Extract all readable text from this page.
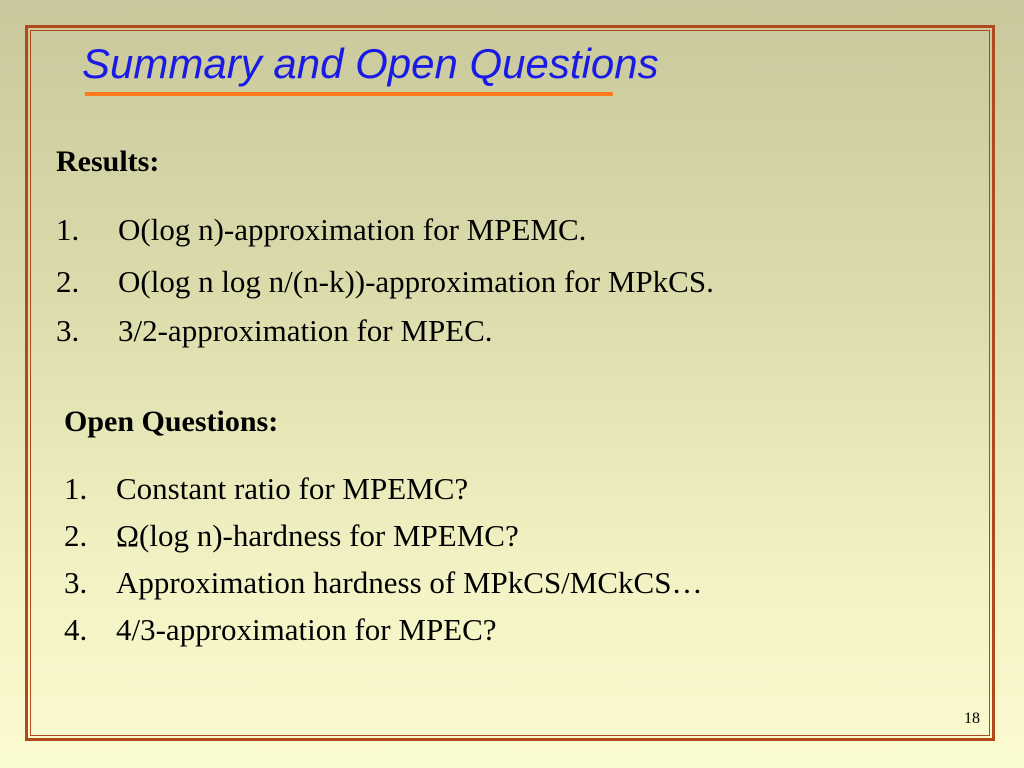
Summary and Open Questions
Results:
1. O(log n)-approximation for MPEMC.
2. O(log n log n/(n-k))-approximation for MPkCS.
3. 3/2-approximation for MPEC.
Open Questions:
1. Constant ratio for MPEMC?
2. Ω(log n)-hardness for MPEMC?
3. Approximation hardness of MPkCS/MCkCS…
4. 4/3-approximation for MPEC?
18
